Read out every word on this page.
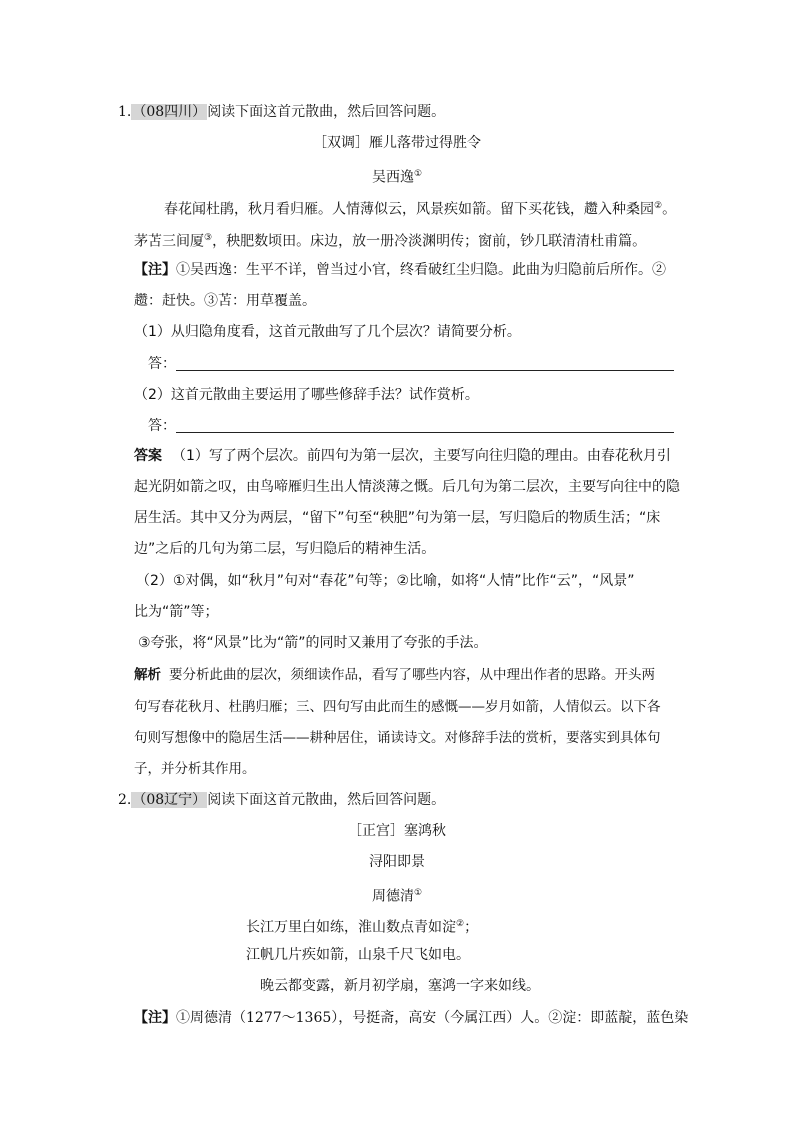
1.（08四川）阅读下面这首元散曲，然后回答问题。
［双调］雁儿落带过得胜令
吴西逸①
春花闻杜鹃，秋月看归雁。人情薄似云，风景疾如箭。留下买花钱，趱入种桑园②。
茅苫三间厦③，秧肥数顷田。床边，放一册冷淡渊明传；窗前，钞几联清清杜甫篇。
【注】①吴西逸：生平不详，曾当过小官，终看破红尘归隐。此曲为归隐前后所作。②
趱：赶快。③苫：用草覆盖。
（1）从归隐角度看，这首元散曲写了几个层次？请简要分析。
答：
（2）这首元散曲主要运用了哪些修辞手法？试作赏析。
答：
答案 （1）写了两个层次。前四句为第一层次，主要写向往归隐的理由。由春花秋月引
起光阴如箭之叹，由鸟啼雁归生出人情淡薄之慨。后几句为第二层次，主要写向往中的隐
居生活。其中又分为两层，“留下”句至“秧肥”句为第一层，写归隐后的物质生活；“床
边”之后的几句为第二层，写归隐后的精神生活。
（2）①对偶，如“秋月”句对“春花”句等；②比喻，如将“人情”比作“云”，“风景”
比为“箭”等；
③夸张，将“风景”比为“箭”的同时又兼用了夸张的手法。
解析 要分析此曲的层次，须细读作品，看写了哪些内容，从中理出作者的思路。开头两
句写春花秋月、杜鹃归雁；三、四句写由此而生的感慨——岁月如箭，人情似云。以下各
句则写想像中的隐居生活——耕种居住，诵读诗文。对修辞手法的赏析，要落实到具体句
子，并分析其作用。
2.（08辽宁）阅读下面这首元散曲，然后回答问题。
［正宫］塞鸿秋
浔阳即景
周德清①
长江万里白如练，淮山数点青如淀②；
江帆几片疾如箭，山泉千尺飞如电。
晚云都变露，新月初学扇，塞鸿一字来如线。
【注】①周德清（1277～1365），号挺斋，高安（今属江西）人。②淀：即蓝靛，蓝色染
